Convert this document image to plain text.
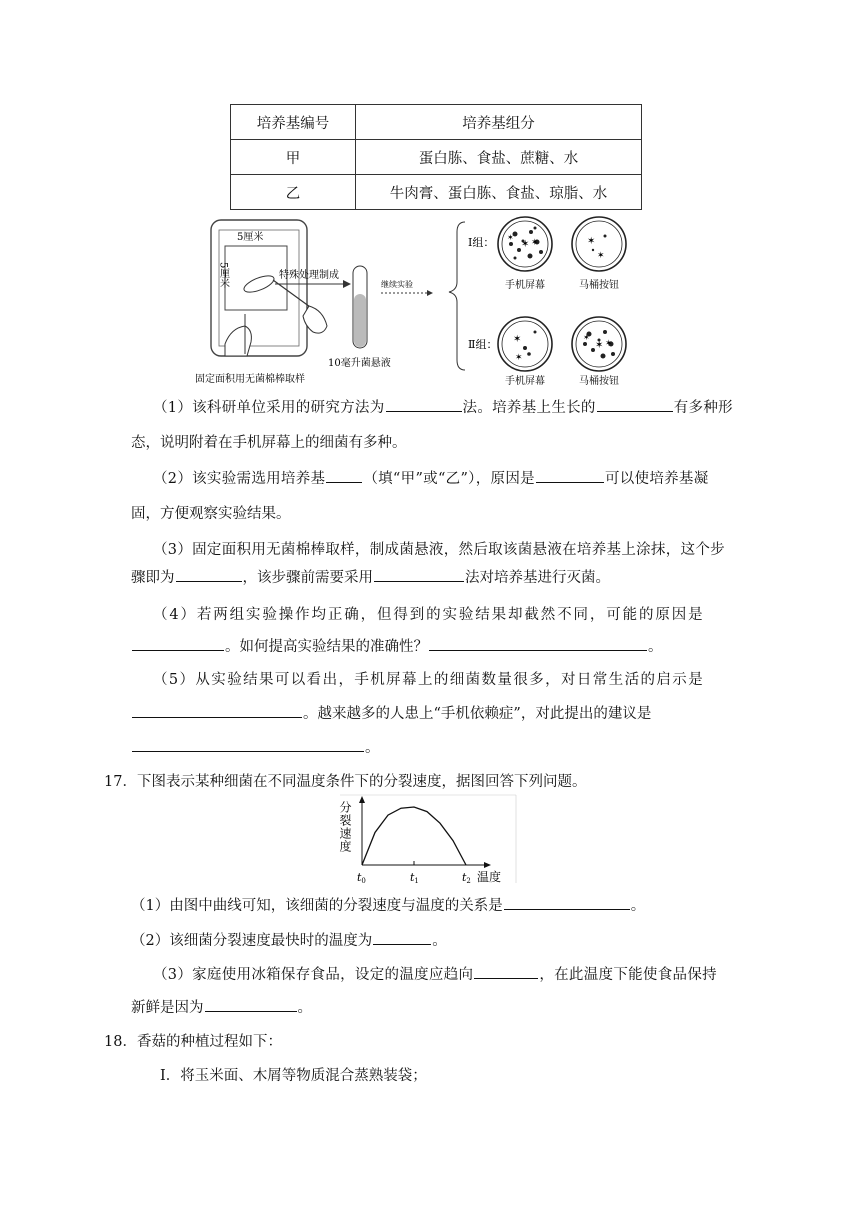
培养基编号	培养基组分
甲	蛋白胨、食盐、蔗糖、水
乙	牛肉膏、蛋白胨、食盐、琼脂、水
5厘米
5厘米	特殊处理制成
10毫升菌悬液
固定面积用无菌棉棒取样
继续实验
Ⅰ组：
Ⅱ组：
✶ ✶
✶
手机屏幕
✶
✶
马桶按钮
✶
✶
手机屏幕
✶ ✶
✶
马桶按钮
（1）该科研单位采用的研究方法为	法。培养基上生长的	有多种形
态，说明附着在手机屏幕上的细菌有多种。
（2）该实验需选用培养基	（填“甲”或“乙”），原因是	可以使培养基凝
固，方便观察实验结果。
（3）固定面积用无菌棉棒取样，制成菌悬液，然后取该菌悬液在培养基上涂抹，这个步
骤即为	，该步骤前需要采用	法对培养基进行灭菌。
（4）若两组实验操作均正确，但得到的实验结果却截然不同，可能的原因是
。如何提高实验结果的准确性？	。
（5）从实验结果可以看出，手机屏幕上的细菌数量很多，对日常生活的启示是
。越来越多的人患上“手机依赖症”，对此提出的建议是
。
17．下图表示某种细菌在不同温度条件下的分裂速度，据图回答下列问题。
分裂速度
温度
t0	t1	t2
（1）由图中曲线可知，该细菌的分裂速度与温度的关系是	。
（2）该细菌分裂速度最快时的温度为	。
（3）家庭使用冰箱保存食品，设定的温度应趋向	，在此温度下能使食品保持
新鲜是因为	。
18．香菇的种植过程如下：
Ⅰ．将玉米面、木屑等物质混合蒸熟装袋；
